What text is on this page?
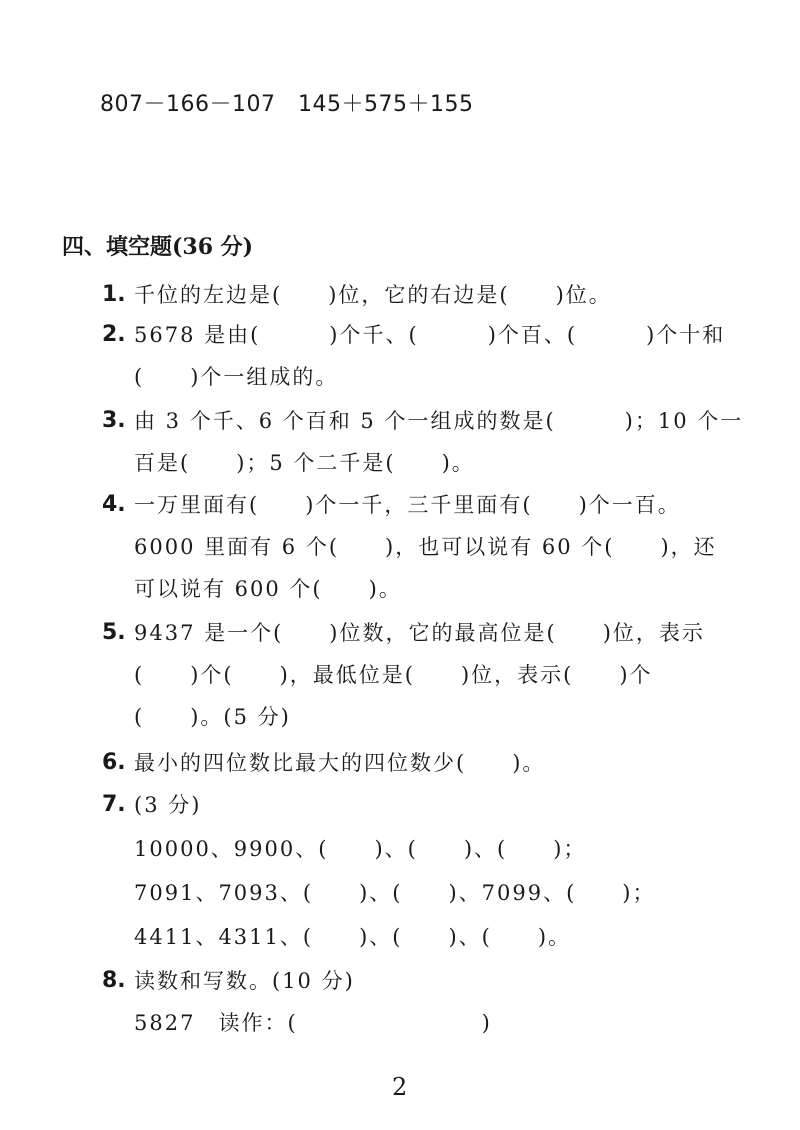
807－166－107 145＋575＋155
四、填空题(36 分)
1. 千位的左边是(　　)位，它的右边是(　　)位。
2. 5678 是由(　　　)个千、(　　　)个百、(　　　)个十和
(　　)个一组成的。
3. 由 3 个千、6 个百和 5 个一组成的数是(　　　)；10 个一
百是(　　)；5 个二千是(　　)。
4. 一万里面有(　　)个一千，三千里面有(　　)个一百。
6000 里面有 6 个(　　)，也可以说有 60 个(　　)，还
可以说有 600 个(　　)。
5. 9437 是一个(　　)位数，它的最高位是(　　)位，表示
(　　)个(　　)，最低位是(　　)位，表示(　　)个
(　　)。(5 分)
6. 最小的四位数比最大的四位数少(　　)。
7. (3 分)
10000、9900、(　　)、(　　)、(　　)；
7091、7093、(　　)、(　　)、7099、(　　)；
4411、4311、(　　)、(　　)、(　　)。
8. 读数和写数。(10 分)
5827　读作：(　　　　　　　　)
2
